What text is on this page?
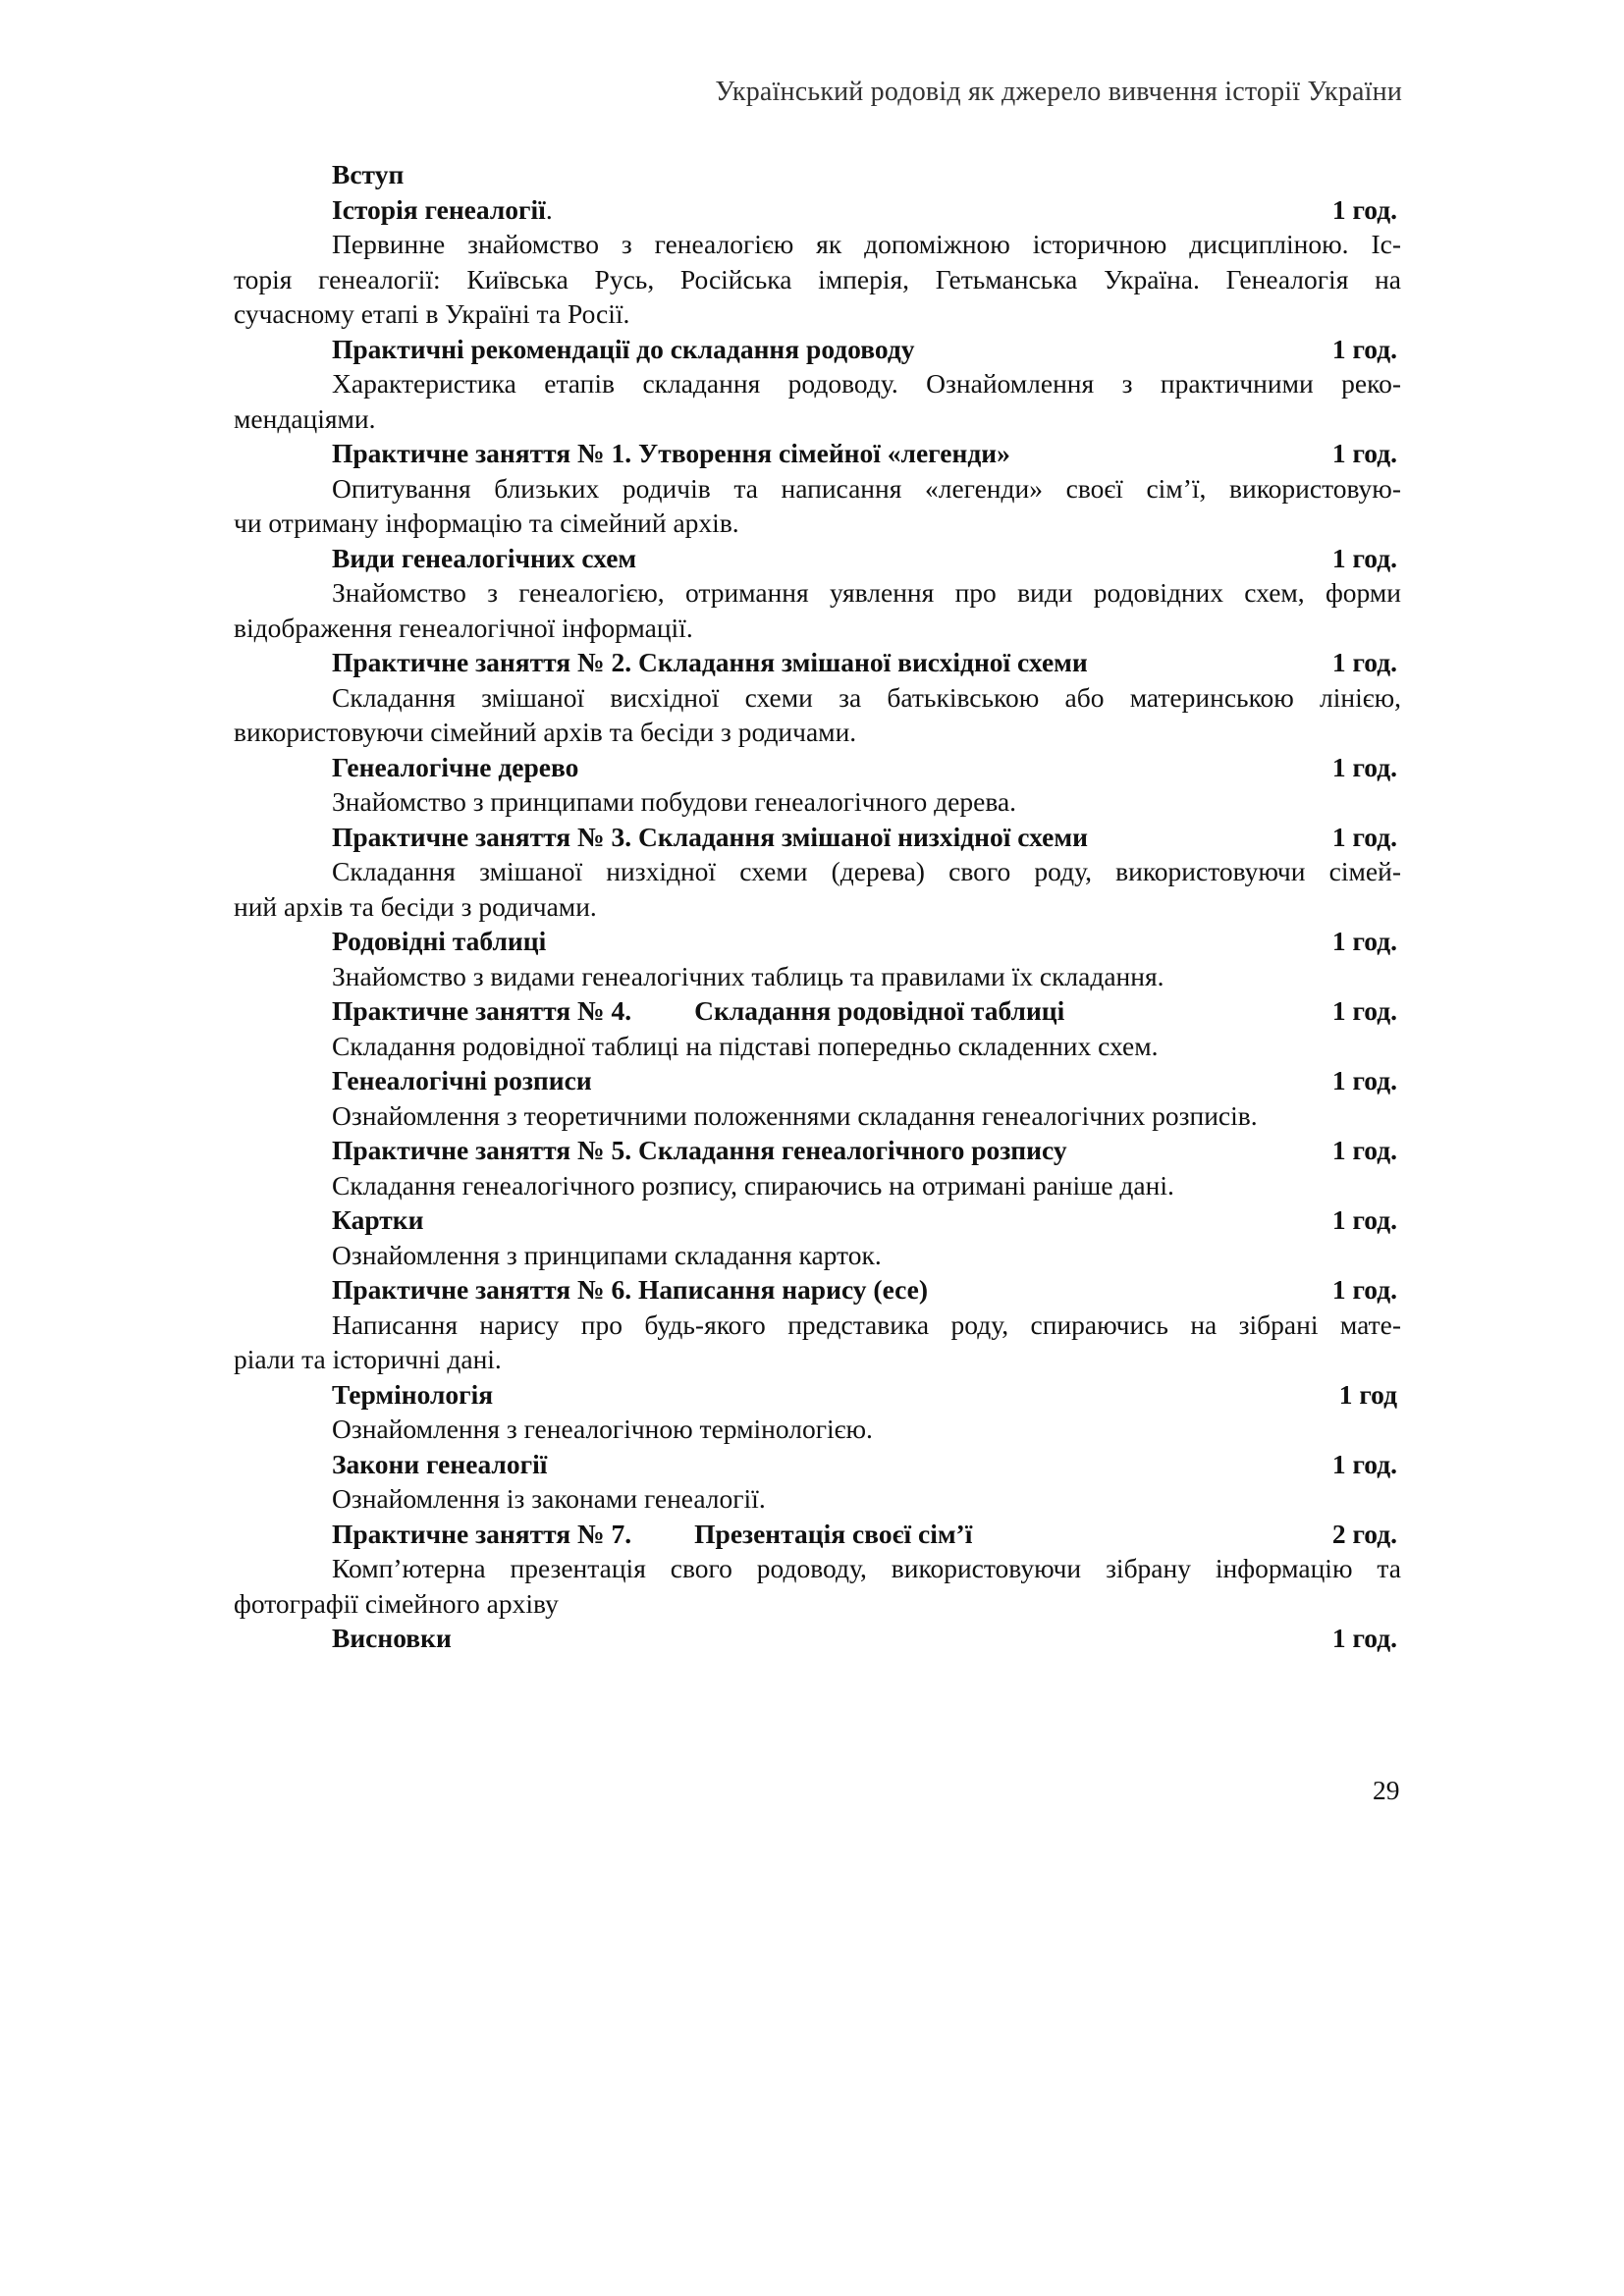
Український родовід як джерело вивчення історії України
Вступ
Історія генеалогії.	1 год.
Первинне знайомство з генеалогією як допоміжною історичною дисципліною. Іс-
торія генеалогії: Київська Русь, Російська імперія, Гетьманська Україна. Генеалогія на
сучасному етапі в Україні та Росії.
Практичні рекомендації до складання родоводу	1 год.
Характеристика етапів складання родоводу. Ознайомлення з практичними реко-
мендаціями.
Практичне заняття № 1. Утворення сімейної «легенди»	1 год.
Опитування близьких родичів та написання «легенди» своєї сім’ї, використовую-
чи отриману інформацію та сімейний архів.
Види генеалогічних схем	1 год.
Знайомство з генеалогією, отримання уявлення про види родовідних схем, форми
відображення генеалогічної інформації.
Практичне заняття № 2. Складання змішаної висхідної схеми	1 год.
Складання змішаної висхідної схеми за батьківською або материнською лінією,
використовуючи сімейний архів та бесіди з родичами.
Генеалогічне дерево	1 год.
Знайомство з принципами побудови генеалогічного дерева.
Практичне заняття № 3. Складання змішаної низхідної схеми	1 год.
Складання змішаної низхідної схеми (дерева) свого роду, використовуючи сімей-
ний архів та бесіди з родичами.
Родовідні таблиці	1 год.
Знайомство з видами генеалогічних таблиць та правилами їх складання.
Практичне заняття № 4. Складання родовідної таблиці	1 год.
Складання родовідної таблиці на підставі попередньо складенних схем.
Генеалогічні розписи	1 год.
Ознайомлення з теоретичними положеннями складання генеалогічних розписів.
Практичне заняття № 5. Складання генеалогічного розпису	1 год.
Складання генеалогічного розпису, спираючись на отримані раніше дані.
Картки	1 год.
Ознайомлення з принципами складання карток.
Практичне заняття № 6. Написання нарису (есе)	1 год.
Написання нарису про будь-якого представика роду, спираючись на зібрані мате-
ріали та історичні дані.
Термінологія	1 год
Ознайомлення з генеалогічною термінологією.
Закони генеалогії	1 год.
Ознайомлення із законами генеалогії.
Практичне заняття № 7. Презентація своєї сім’ї	2 год.
Комп’ютерна презентація свого родоводу, використовуючи зібрану інформацію та
фотографії сімейного архіву
Висновки	1 год.
29
